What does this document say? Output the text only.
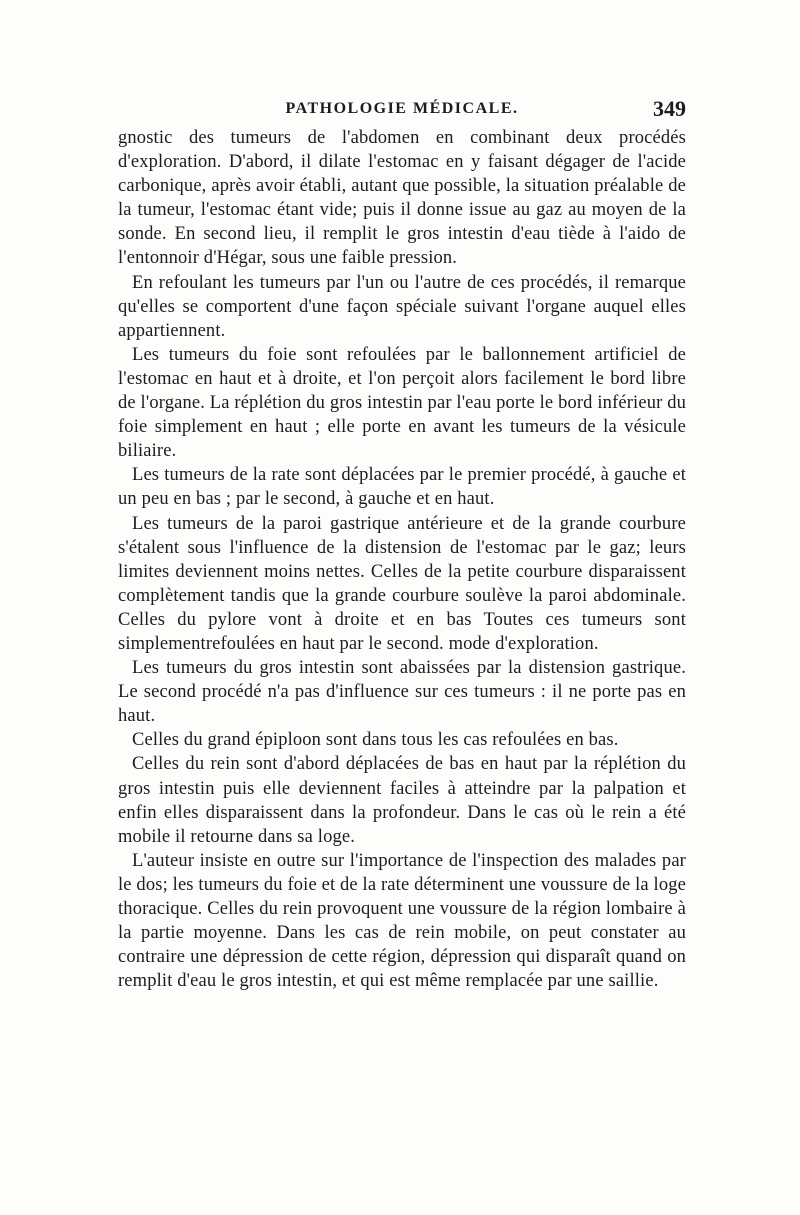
PATHOLOGIE MÉDICALE.	349

gnostic des tumeurs de l'abdomen en combinant deux procédés d'exploration. D'abord, il dilate l'estomac en y faisant dégager de l'acide carbonique, après avoir établi, autant que possible, la situation préalable de la tumeur, l'estomac étant vide; puis il donne issue au gaz au moyen de la sonde. En second lieu, il remplit le gros intestin d'eau tiède à l'aido de l'entonnoir d'Hégar, sous une faible pression.

En refoulant les tumeurs par l'un ou l'autre de ces procédés, il remarque qu'elles se comportent d'une façon spéciale suivant l'organe auquel elles appartiennent.

Les tumeurs du foie sont refoulées par le ballonnement artificiel de l'estomac en haut et à droite, et l'on perçoit alors facilement le bord libre de l'organe. La réplétion du gros intestin par l'eau porte le bord inférieur du foie simplement en haut ; elle porte en avant les tumeurs de la vésicule biliaire.

Les tumeurs de la rate sont déplacées par le premier procédé, à gauche et un peu en bas ; par le second, à gauche et en haut.

Les tumeurs de la paroi gastrique antérieure et de la grande courbure s'étalent sous l'influence de la distension de l'estomac par le gaz; leurs limites deviennent moins nettes. Celles de la petite courbure disparaissent complètement tandis que la grande courbure soulève la paroi abdominale. Celles du pylore vont à droite et en bas Toutes ces tumeurs sont simplementrefoulées en haut par le second. mode d'exploration.

Les tumeurs du gros intestin sont abaissées par la distension gastrique. Le second procédé n'a pas d'influence sur ces tumeurs : il ne porte pas en haut.

Celles du grand épiploon sont dans tous les cas refoulées en bas.

Celles du rein sont d'abord déplacées de bas en haut par la réplétion du gros intestin puis elle deviennent faciles à atteindre par la palpation et enfin elles disparaissent dans la profondeur. Dans le cas où le rein a été mobile il retourne dans sa loge.

L'auteur insiste en outre sur l'importance de l'inspection des malades par le dos; les tumeurs du foie et de la rate déterminent une voussure de la loge thoracique. Celles du rein provoquent une voussure de la région lombaire à la partie moyenne. Dans les cas de rein mobile, on peut constater au contraire une dépression de cette région, dépression qui disparaît quand on remplit d'eau le gros intestin, et qui est même remplacée par une saillie.
